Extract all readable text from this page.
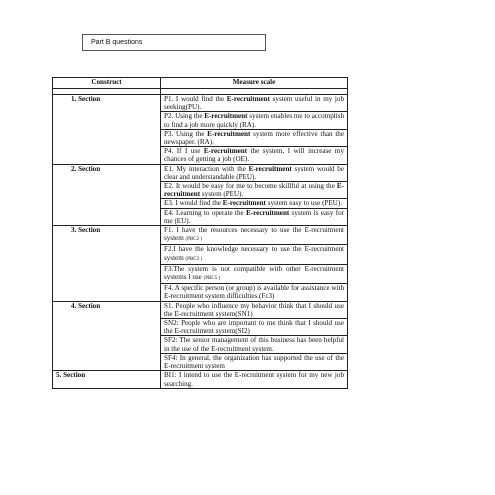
Part B questions
Construct	Measure scale

1. Section	P1. I would find the E-recruitment system useful in my job seeking(PU).
	P2. Using the E-recruitment system enables me to accomplish to find a job more quickly (RA).
	P3. Using the E-recruitment system more effective than the newspaper. (RA).
	P4. If I use E-recruitment the system, I will increase my chances of getting a job (OE).
2. Section	E1. My interaction with the E-recruitment system would be clear and understandable (PEU).
	E2. It would be easy for me to become skillful at using the E-recruitment system (PEU).
	E3. I would find the E-recruitment system easy to use (PEU).
	E4. Learning to operate the E-recruitment system is easy for me (EU).
3. Section	F1. I have the resources necessary to use the E-recruitment system (PBC2 )
	F2.I have the knowledge necessary to use the E-recruitment system (PBC3 )
	F3.The system is not compatible with other E-recruitment systems I use (PBC5 )
	F4. A specific person (or group) is available for assistance with E-recruitment system difficulties.(Fc3)
4. Section	S1. People who influence my behavior think that I should use the E-recruitment system(SN1)
	SN2: People who are important to me think that I should use the E-recruitment system(SI2)
	SF2: The senior management of this business has been helpful in the use of the E-recruitment system.
	SF4: In general, the organization has supported the use of the E-recruitment system
5. Section	BI1: I intend to use the E-recruitment system for my new job searching.
